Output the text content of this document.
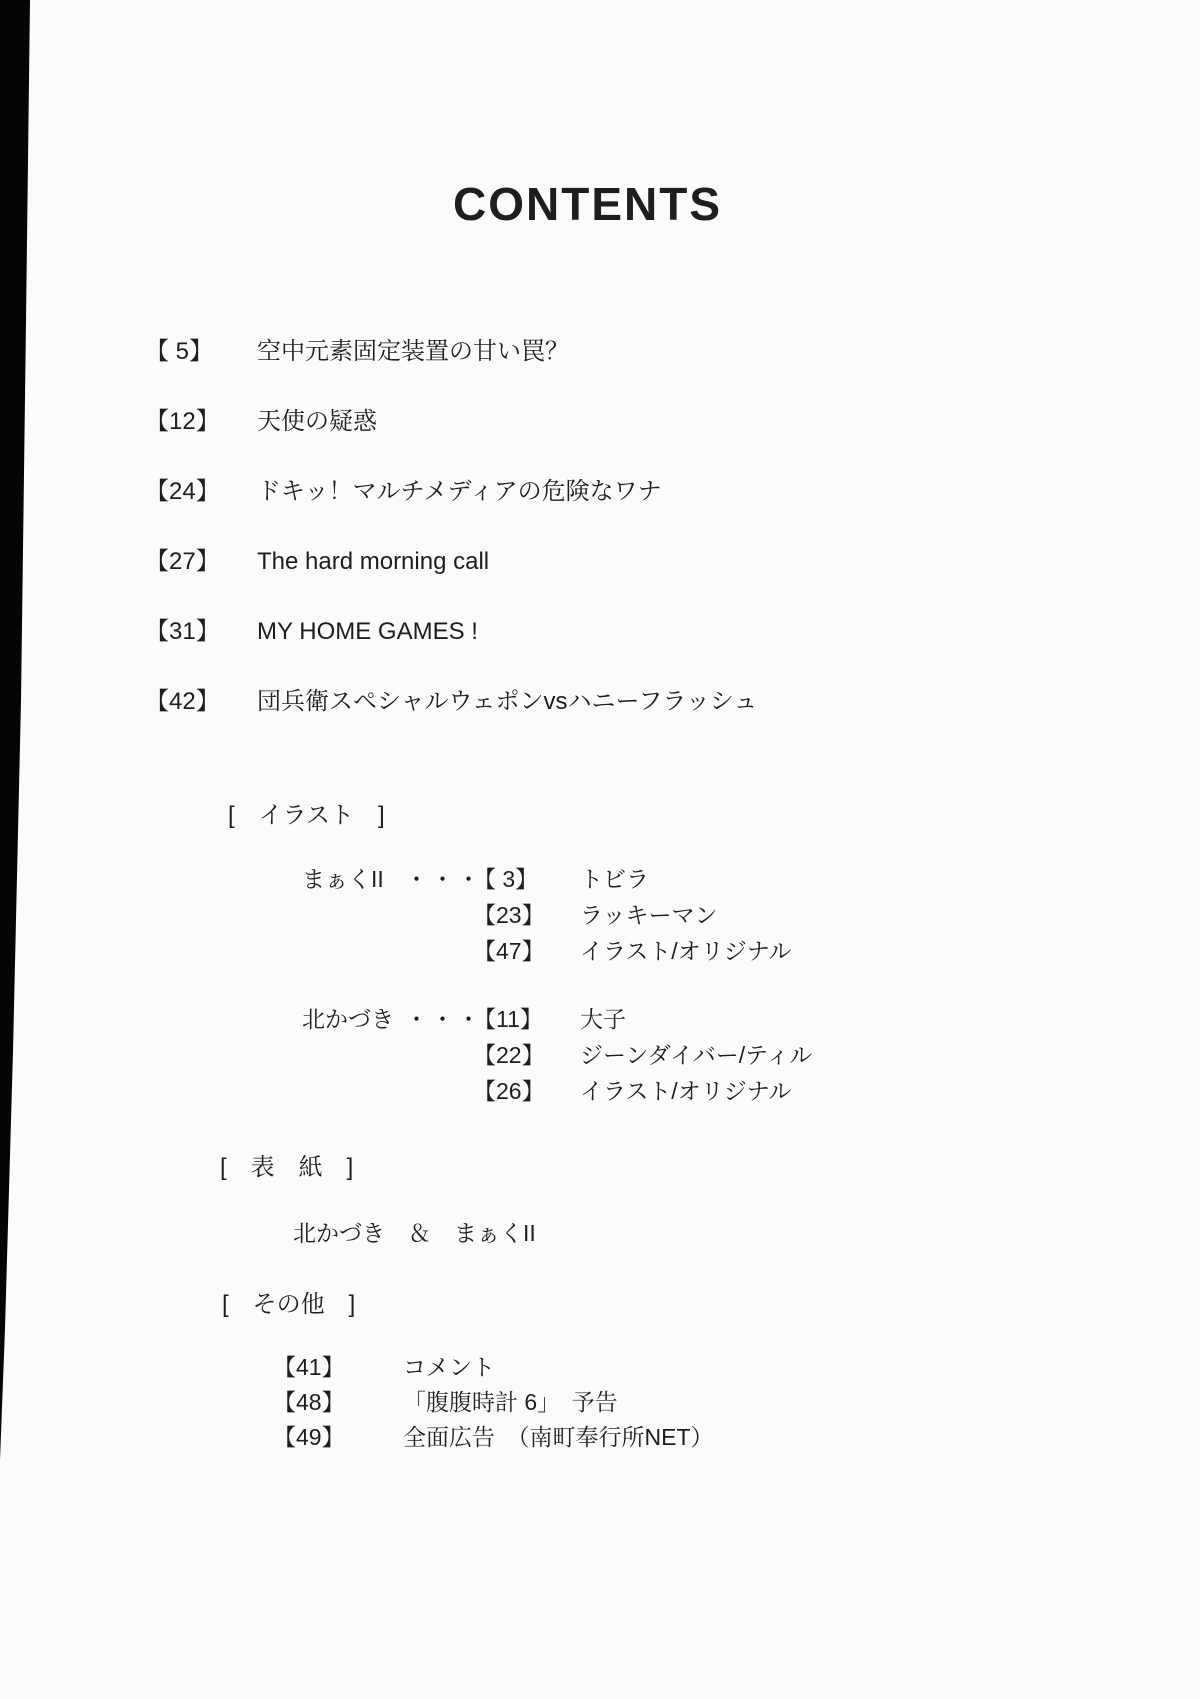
CONTENTS
【 5】	空中元素固定装置の甘い罠？
【12】	天使の疑惑
【24】	ドキッ！マルチメディアの危険なワナ
【27】	The hard morning call
【31】	MY HOME GAMES !
【42】	団兵衛スペシャルウェポンvsハニーフラッシュ
[　イラスト　]
まぁくII ・・・
【 3】	トビラ
【23】	ラッキーマン
【47】	イラスト/オリジナル
北かづき ・・・
【11】	大子
【22】	ジーンダイバー/ティル
【26】	イラスト/オリジナル
[　表　紙　]
北かづき　＆　まぁくII
[　その他　]
【41】	コメント
【48】	「腹腹時計 6」　予告
【49】	全面広告　（南町奉行所NET）
